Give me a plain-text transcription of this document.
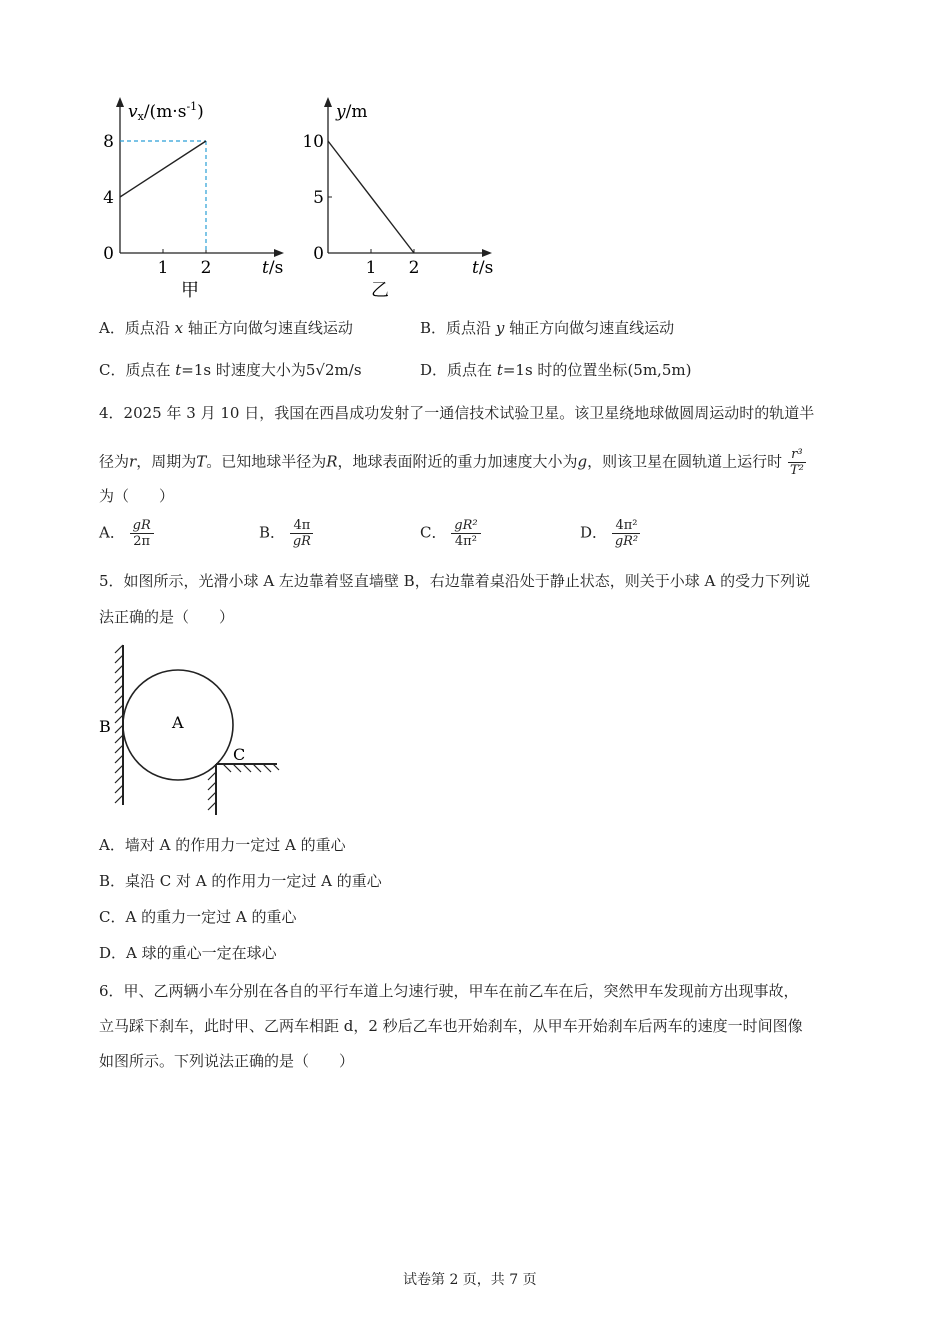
8
4
0
1 2	t/s
$vx/(m\cdot s^{-1})$
甲
10
5
0
1 2	t/s
y/m
乙
A．质点沿 x 轴正方向做匀速直线运动	B．质点沿 y 轴正方向做匀速直线运动
C．质点在 t=1s 时速度大小为5√2m/s	D．质点在 t=1s 时的位置坐标(5m,5m)
4．2025 年 3 月 10 日，我国在西昌成功发射了一通信技术试验卫星。该卫星绕地球做圆周运动时的轨道半
径为r，周期为T。已知地球半径为R，地球表面附近的重力加速度大小为g，则该卫星在圆轨道上运行时 $\frac{\text{r³}}{\text{T²}}$
为（　　）
A． $\frac{gR}{2\pi}$	B． $\frac{4\pi}{gR}$	C． $\frac{\text{gR²}}{\text{4π²}}$	D． $\frac{\text{4π²}}{\text{gR²}}$
5．如图所示，光滑小球 A 左边靠着竖直墙壁 B，右边靠着桌沿处于静止状态，则关于小球 A 的受力下列说
法正确的是（　　）
B	A
C
A．墙对 A 的作用力一定过 A 的重心
B．桌沿 C 对 A 的作用力一定过 A 的重心
C．A 的重力一定过 A 的重心
D．A 球的重心一定在球心
6．甲、乙两辆小车分别在各自的平行车道上匀速行驶，甲车在前乙车在后，突然甲车发现前方出现事故，
立马踩下刹车，此时甲、乙两车相距 d，2 秒后乙车也开始刹车，从甲车开始刹车后两车的速度一时间图像
如图所示。下列说法正确的是（　　）
试卷第 2 页，共 7 页
